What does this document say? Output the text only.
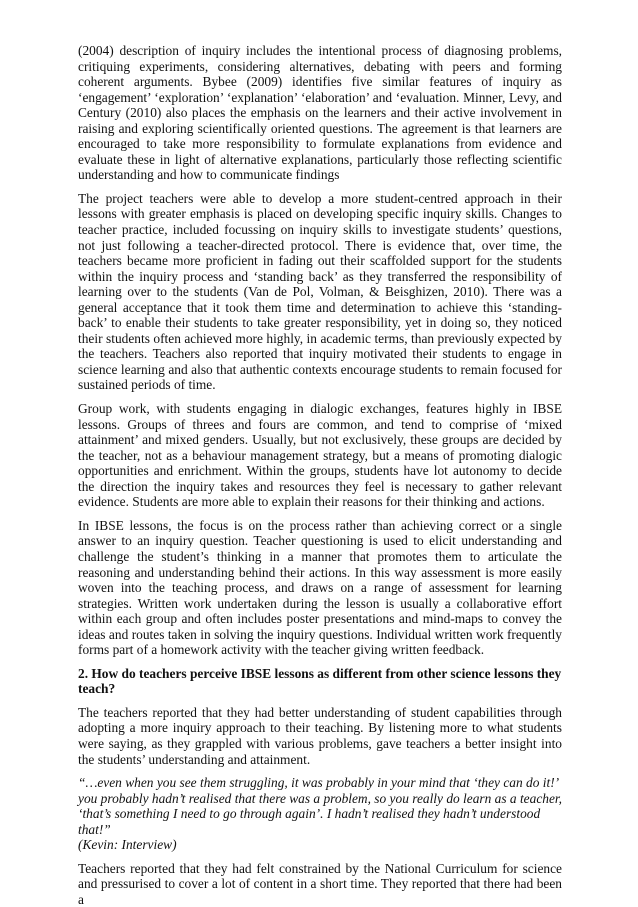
(2004) description of inquiry includes the intentional process of diagnosing problems, critiquing experiments, considering alternatives, debating with peers and forming coherent arguments. Bybee (2009) identifies five similar features of inquiry as ‘engagement’ ‘exploration’ ‘explanation’ ‘elaboration’ and ‘evaluation. Minner, Levy, and Century (2010) also places the emphasis on the learners and their active involvement in raising and exploring scientifically oriented questions. The agreement is that learners are encouraged to take more responsibility to formulate explanations from evidence and evaluate these in light of alternative explanations, particularly those reflecting scientific understanding and how to communicate findings

The project teachers were able to develop a more student-centred approach in their lessons with greater emphasis is placed on developing specific inquiry skills. Changes to teacher practice, included focussing on inquiry skills to investigate students’ questions, not just following a teacher-directed protocol. There is evidence that, over time, the teachers became more proficient in fading out their scaffolded support for the students within the inquiry process and ‘standing back’ as they transferred the responsibility of learning over to the students (Van de Pol, Volman, & Beisghizen, 2010). There was a general acceptance that it took them time and determination to achieve this ‘standing-back’ to enable their students to take greater responsibility, yet in doing so, they noticed their students often achieved more highly, in academic terms, than previously expected by the teachers. Teachers also reported that inquiry motivated their students to engage in science learning and also that authentic contexts encourage students to remain focused for sustained periods of time.

Group work, with students engaging in dialogic exchanges, features highly in IBSE lessons. Groups of threes and fours are common, and tend to comprise of ‘mixed attainment’ and mixed genders. Usually, but not exclusively, these groups are decided by the teacher, not as a behaviour management strategy, but a means of promoting dialogic opportunities and enrichment. Within the groups, students have lot autonomy to decide the direction the inquiry takes and resources they feel is necessary to gather relevant evidence. Students are more able to explain their reasons for their thinking and actions.

In IBSE lessons, the focus is on the process rather than achieving correct or a single answer to an inquiry question. Teacher questioning is used to elicit understanding and challenge the student’s thinking in a manner that promotes them to articulate the reasoning and understanding behind their actions. In this way assessment is more easily woven into the teaching process, and draws on a range of assessment for learning strategies. Written work undertaken during the lesson is usually a collaborative effort within each group and often includes poster presentations and mind-maps to convey the ideas and routes taken in solving the inquiry questions. Individual written work frequently forms part of a homework activity with the teacher giving written feedback.

2. How do teachers perceive IBSE lessons as different from other science lessons they teach?

The teachers reported that they had better understanding of student capabilities through adopting a more inquiry approach to their teaching. By listening more to what students were saying, as they grappled with various problems, gave teachers a better insight into the students’ understanding and attainment.

“…even when you see them struggling, it was probably in your mind that ‘they can do it!’ you probably hadn’t realised that there was a problem, so you really do learn as a teacher, ‘that’s something I need to go through again’. I hadn’t realised they hadn’t understood that!”
(Kevin: Interview)

Teachers reported that they had felt constrained by the National Curriculum for science and pressurised to cover a lot of content in a short time. They reported that there had been a
